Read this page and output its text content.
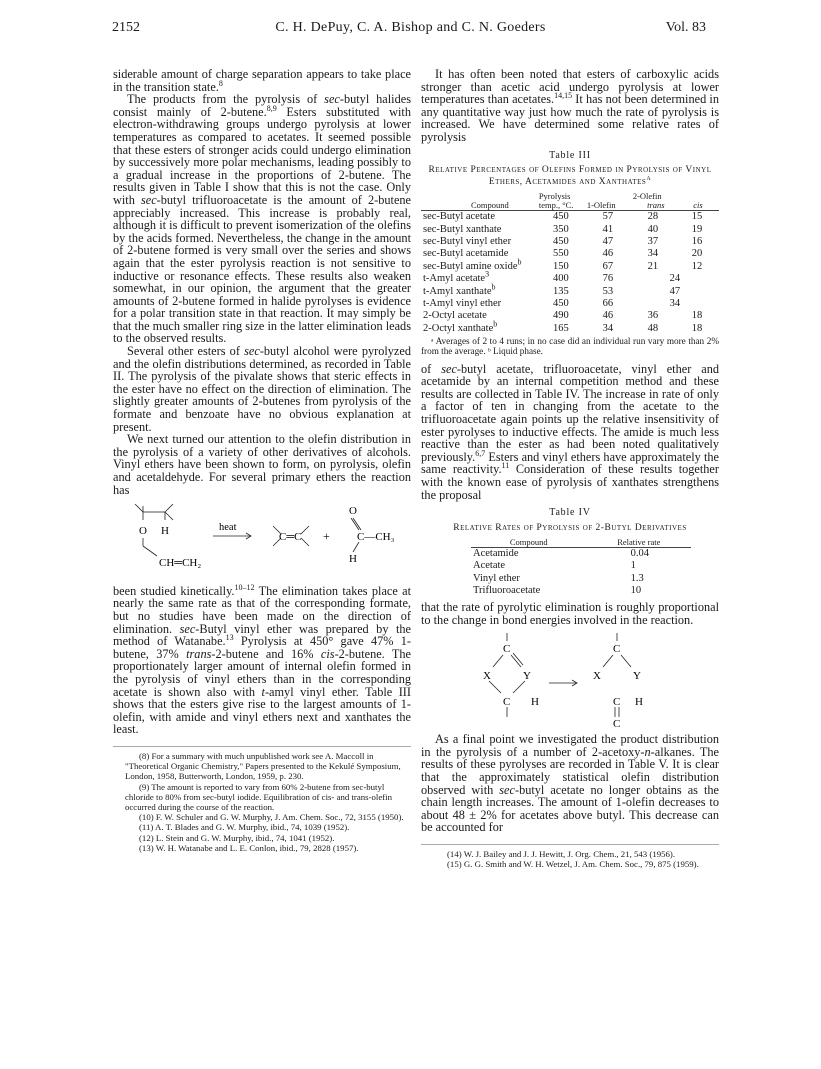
2152	C. H. DePuy, C. A. Bishop and C. N. Goeders	Vol. 83

siderable amount of charge separation appears to take place in the transition state.$^8$

The products from the pyrolysis of sec-butyl halides consist mainly of 2-butene.$^{8,9}$ Esters substituted with electron-withdrawing groups undergo pyrolysis at lower temperatures as compared to acetates. It seemed possible that these esters of stronger acids could undergo elimination by successively more polar mechanisms, leading possibly to a gradual increase in the proportions of 2-butene. The results given in Table I show that this is not the case. Only with sec-butyl trifluoroacetate is the amount of 2-butene appreciably increased. This increase is probably real, although it is difficult to prevent isomerization of the olefins by the acids formed. Nevertheless, the change in the amount of 2-butene formed is very small over the series and shows again that the ester pyrolysis reaction is not sensitive to inductive or resonance effects. These results also weaken somewhat, in our opinion, the argument that the greater amounts of 2-butene formed in halide pyrolyses is evidence for a polar transition state in that reaction. It may simply be that the much smaller ring size in the latter elimination leads to the observed results.

Several other esters of sec-butyl alcohol were pyrolyzed and the olefin distributions determined, as recorded in Table II. The pyrolysis of the pivalate shows that steric effects in the ester have no effect on the direction of elimination. The slightly greater amounts of 2-butenes from pyrolysis of the formate and benzoate have no obvious explanation at present.

We next turned our attention to the olefin distribution in the pyrolysis of a variety of other derivatives of alcohols. Vinyl ethers have been shown to form, on pyrolysis, olefin and acetaldehyde. For several primary ethers the reaction has

O H
CH═CH₂
heat
C═C +
O
C—CH₃
H

been studied kinetically.$^{10-12}$ The elimination takes place at nearly the same rate as that of the corresponding formate, but no studies have been made on the direction of elimination. sec-Butyl vinyl ether was prepared by the method of Watanabe.$^{13}$ Pyrolysis at 450° gave 47% 1-butene, 37% trans-2-butene and 16% cis-2-butene. The proportionately larger amount of internal olefin formed in the pyrolysis of vinyl ethers than in the corresponding acetate is shown also with t-amyl vinyl ether. Table III shows that the esters give rise to the largest amounts of 1-olefin, with amide and vinyl ethers next and xanthates the least.

(8) For a summary with much unpublished work see A. Maccoll in "Theoretical Organic Chemistry," Papers presented to the Kekulé Symposium, London, 1958, Butterworth, London, 1959, p. 230.

(9) The amount is reported to vary from 60% 2-butene from sec-butyl chloride to 80% from sec-butyl iodide. Equilibration of cis- and trans-olefin occurred during the course of the reaction.

(10) F. W. Schuler and G. W. Murphy, J. Am. Chem. Soc., 72, 3155 (1950).

(11) A. T. Blades and G. W. Murphy, ibid., 74, 1039 (1952).

(12) L. Stein and G. W. Murphy, ibid., 74, 1041 (1952).

(13) W. H. Watanabe and L. E. Conlon, ibid., 79, 2828 (1957).

It has often been noted that esters of carboxylic acids stronger than acetic acid undergo pyrolysis at lower temperatures than acetates.$^{14,15}$ It has not been determined in any quantitative way just how much the rate of pyrolysis is increased. We have determined some relative rates of pyrolysis

Table III
Relative Percentages of Olefins Formed in Pyrolysis of Vinyl Ethers, Acetamides and Xanthates$^a$
Compound	Pyrolysis temp., °C.	1-Olefin	2-Olefin
trans cis	

sec-Butyl acetate	450	57	28	15
sec-Butyl xanthate	350	41	40	19
sec-Butyl vinyl ether	450	47	37	16
sec-Butyl acetamide	550	46	34	20
sec-Butyl amine oxide$^b$	150	67	21	12
t-Amyl acetate$^3$	400	76	24	
t-Amyl xanthate$^b$	135	53	47	
t-Amyl vinyl ether	450	66	34	
2-Octyl acetate	490	46	36	18
2-Octyl xanthate$^b$	165	34	48	18
ᵃ Averages of 2 to 4 runs; in no case did an individual run vary more than 2% from the average. ᵇ Liquid phase.

of sec-butyl acetate, trifluoroacetate, vinyl ether and acetamide by an internal competition method and these results are collected in Table IV. The increase in rate of only a factor of ten in changing from the acetate to the trifluoroacetate again points up the relative insensitivity of ester pyrolyses to inductive effects. The amide is much less reactive than the ester as had been noted qualitatively previously.$^{6,7}$ Esters and vinyl ethers have approximately the same reactivity.$^{11}$ Consideration of these results together with the known ease of pyrolysis of xanthates strengthens the proposal

Table IV
Relative Rates of Pyrolysis of 2-Butyl Derivatives
Compound	Relative rate
Acetamide	0.04
Acetate	1
Vinyl ether	1.3
Trifluoroacetate	10

that the rate of pyrolytic elimination is roughly proportional to the change in bond energies involved in the reaction.

C
X	Y
C H
C
X	Y
C H
C

As a final point we investigated the product distribution in the pyrolysis of a number of 2-acetoxy-n-alkanes. The results of these pyrolyses are recorded in Table V. It is clear that the approximately statistical olefin distribution observed with sec-butyl acetate no longer obtains as the chain length increases. The amount of 1-olefin decreases to about 48 ± 2% for acetates above butyl. This decrease can be accounted for

(14) W. J. Bailey and J. J. Hewitt, J. Org. Chem., 21, 543 (1956).

(15) G. G. Smith and W. H. Wetzel, J. Am. Chem. Soc., 79, 875 (1959).
